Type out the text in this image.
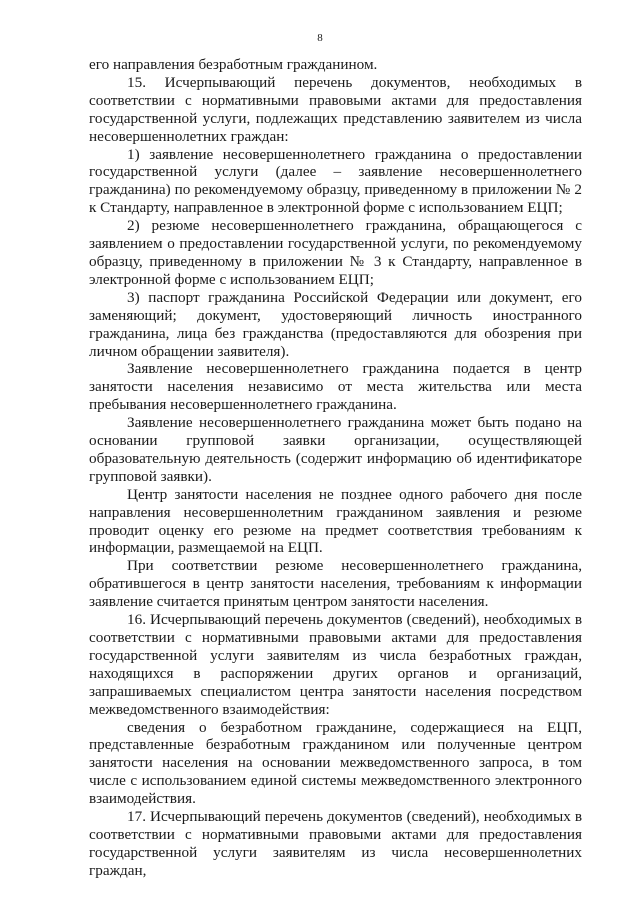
8

его направления безработным гражданином.

15. Исчерпывающий перечень документов, необходимых в соответствии с нормативными правовыми актами для предоставления государственной услуги, подлежащих представлению заявителем из числа несовершеннолетних граждан:

1) заявление несовершеннолетнего гражданина о предоставлении государственной услуги (далее – заявление несовершеннолетнего гражданина) по рекомендуемому образцу, приведенному в приложении № 2 к Стандарту, направленное в электронной форме с использованием ЕЦП;

2) резюме несовершеннолетнего гражданина, обращающегося с заявлением о предоставлении государственной услуги, по рекомендуемому образцу, приведенному в приложении № 3 к Стандарту, направленное в электронной форме с использованием ЕЦП;

3) паспорт гражданина Российской Федерации или документ, его заменяющий; документ, удостоверяющий личность иностранного гражданина, лица без гражданства (предоставляются для обозрения при личном обращении заявителя).

Заявление несовершеннолетнего гражданина подается в центр занятости населения независимо от места жительства или места пребывания несовершеннолетнего гражданина.

Заявление несовершеннолетнего гражданина может быть подано на основании групповой заявки организации, осуществляющей образовательную деятельность (содержит информацию об идентификаторе групповой заявки).

Центр занятости населения не позднее одного рабочего дня после направления несовершеннолетним гражданином заявления и резюме проводит оценку его резюме на предмет соответствия требованиям к информации, размещаемой на ЕЦП.

При соответствии резюме несовершеннолетнего гражданина, обратившегося в центр занятости населения, требованиям к информации заявление считается принятым центром занятости населения.

16. Исчерпывающий перечень документов (сведений), необходимых в соответствии с нормативными правовыми актами для предоставления государственной услуги заявителям из числа безработных граждан, находящихся в распоряжении других органов и организаций, запрашиваемых специалистом центра занятости населения посредством межведомственного взаимодействия:

сведения о безработном гражданине, содержащиеся на ЕЦП, представленные безработным гражданином или полученные центром занятости населения на основании межведомственного запроса, в том числе с использованием единой системы межведомственного электронного взаимодействия.

17. Исчерпывающий перечень документов (сведений), необходимых в соответствии с нормативными правовыми актами для предоставления государственной услуги заявителям из числа несовершеннолетних граждан,
